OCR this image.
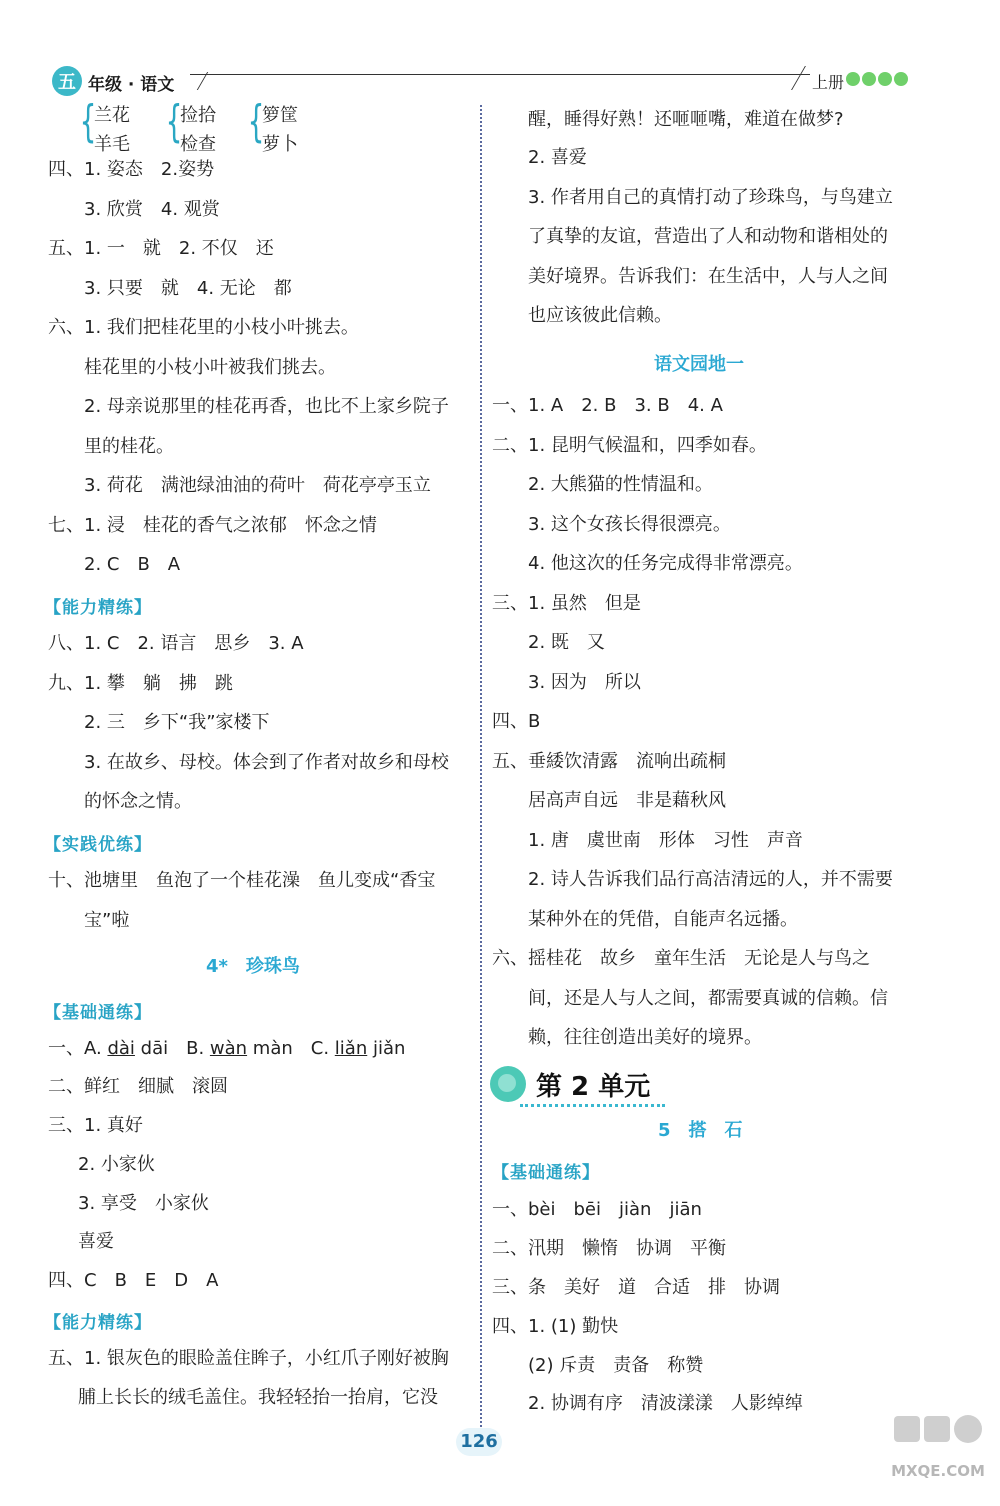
五 年级 · 语文	上册
{
兰花
羊毛 {
捡拾
检查 {
箩筐
萝卜
四、1. 姿态　2.姿势
3. 欣赏　4. 观赏
五、1. 一　就　2. 不仅　还
3. 只要　就　4. 无论　都
六、1. 我们把桂花里的小枝小叶挑去。
桂花里的小枝小叶被我们挑去。
2. 母亲说那里的桂花再香，也比不上家乡院子
里的桂花。
3. 荷花　满池绿油油的荷叶　荷花亭亭玉立
七、1. 浸　桂花的香气之浓郁　怀念之情
2. C　B　A
【能力精练】
八、1. C　2. 语言　思乡　3. A
九、1. 攀　躺　拂　跳
2. 三　乡下“我”家楼下
3. 在故乡、母校。体会到了作者对故乡和母校
的怀念之情。
【实践优练】
十、池塘里　鱼泡了一个桂花澡　鱼儿变成“香宝
宝”啦
4*　珍珠鸟
【基础通练】
一、A. dài dāi　B. wàn màn　C. liǎn jiǎn
二、鲜红　细腻　滚圆
三、1. 真好
2. 小家伙
3. 享受　小家伙
喜爱
四、C　B　E　D　A
【能力精练】
五、1. 银灰色的眼睑盖住眸子，小红爪子刚好被胸
脯上长长的绒毛盖住。我轻轻抬一抬肩，它没
醒，睡得好熟！还咂咂嘴，难道在做梦?
2. 喜爱
3. 作者用自己的真情打动了珍珠鸟，与鸟建立
了真挚的友谊，营造出了人和动物和谐相处的
美好境界。告诉我们：在生活中，人与人之间
也应该彼此信赖。
语文园地一
一、1. A　2. B　3. B　4. A
二、1. 昆明气候温和，四季如春。
2. 大熊猫的性情温和。
3. 这个女孩长得很漂亮。
4. 他这次的任务完成得非常漂亮。
三、1. 虽然　但是
2. 既　又
3. 因为　所以
四、B
五、垂緌饮清露　流响出疏桐
居高声自远　非是藉秋风
1. 唐　虞世南　形体　习性　声音
2. 诗人告诉我们品行高洁清远的人，并不需要
某种外在的凭借，自能声名远播。
六、摇桂花　故乡　童年生活　无论是人与鸟之
间，还是人与人之间，都需要真诚的信赖。信
赖，往往创造出美好的境界。
第 2 单元
5　搭　石
【基础通练】
一、bèi　bēi　jiàn　jiān
二、汛期　懒惰　协调　平衡
三、条　美好　道　合适　排　协调
四、1. (1) 勤快
(2) 斥责　责备　称赞
2. 协调有序　清波漾漾　人影绰绰
126
MXQE.COM
